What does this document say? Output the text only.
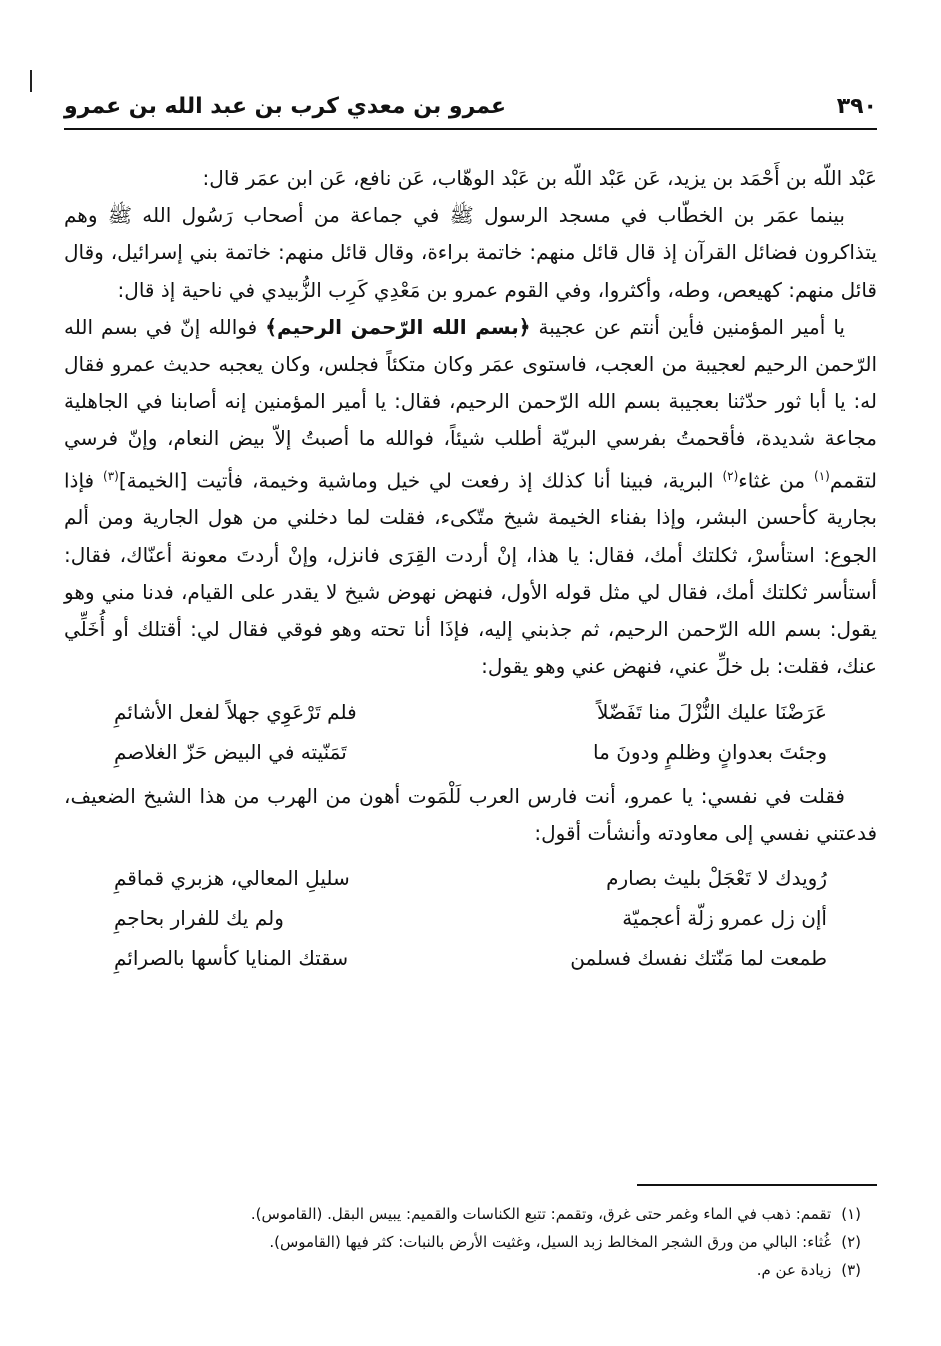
٣٩٠
عمرو بن معدي كرب بن عبد الله بن عمرو

عَبْد اللّه بن أَحْمَد بن يزيد، عَن عَبْد اللّه بن عَبْد الوهّاب، عَن نافع، عَن ابن عمَر قال:

بينما عمَر بن الخطّاب في مسجد الرسول ﷺ في جماعة من أصحاب رَسُول الله ﷺ وهم يتذاكرون فضائل القرآن إذ قال قائل منهم: خاتمة براءة، وقال قائل منهم: خاتمة بني إسرائيل، وقال قائل منهم: كهيعص، وطه، وأكثروا، وفي القوم عمرو بن مَعْدِي كَرِب الزُّبيدي في ناحية إذ قال:

يا أمير المؤمنين فأين أنتم عن عجيبة ﴿بسم الله الرّحمن الرحيم﴾ فوالله إنّ في بسم الله الرّحمن الرحيم لعجيبة من العجب، فاستوى عمَر وكان متكئاً فجلس، وكان يعجبه حديث عمرو فقال له: يا أبا ثور حدّثنا بعجيبة بسم الله الرّحمن الرحيم، فقال: يا أمير المؤمنين إنه أصابنا في الجاهلية مجاعة شديدة، فأقحمتُ بفرسي البريّة أطلب شيئاً، فوالله ما أصبتُ إلاّ بيض النعام، وإنّ فرسي لتقمم$^{(١)}$ من غثاء$^{(٢)}$ البرية، فبينا أنا كذلك إذ رفعت لي خيل وماشية وخيمة، فأتيت [الخيمة]$^{(٣)}$ فإذا بجارية كأحسن البشر، وإذا بفناء الخيمة شيخ متّكىء، فقلت لما دخلني من هول الجارية ومن ألم الجوع: استأسرْ، ثكلتك أمك، فقال: يا هذا، إنْ أردت القِرَى فانزل، وإنْ أردتَ معونة أعنّاك، فقال: أستأسر ثكلتك أمك، فقال لي مثل قوله الأول، فنهض نهوض شيخ لا يقدر على القيام، فدنا مني وهو يقول: بسم الله الرّحمن الرحيم، ثم جذبني إليه، فإذَا أنا تحته وهو فوقي فقال لي: أقتلك أو أُخَلِّي عنك، فقلت: بل خلِّ عني، فنهض عني وهو يقول:

عَرَضْنَا عليك النُّزْلَ منا تَفَضّلاً
فلم تَرْعَوِي جهلاً لفعل الأشائمِ
وجئتَ بعدوانٍ وظلمٍ ودونَ ما
تَمَنّيته في البيض حَزّ الغلاصمِ

فقلت في نفسي: يا عمرو، أنت فارس العرب لَلْمَوت أهون من الهرب من هذا الشيخ الضعيف، فدعتني نفسي إلى معاودته وأنشأت أقول:

رُويدك لا تَعْجَلْ بليث بصارم
سليلِ المعالي، هزبري قماقمِ
أإن زل عمرو زلّة أعجميّة
ولم يك للفرار بحاجمِ
طمعت لما مَنّتك نفسك فسلمن
سقتك المنايا كأسها بالصرائمِ
(١)
تقمم: ذهب في الماء وغمر حتى غرق، وتقمم: تتبع الكناسات والقميم: يبيس البقل. (القاموس).
(٢)
غُثاء: البالي من ورق الشجر المخالط زبد السيل، وغثيت الأرض بالنبات: كثر فيها (القاموس).
(٣)
زيادة عن م.
